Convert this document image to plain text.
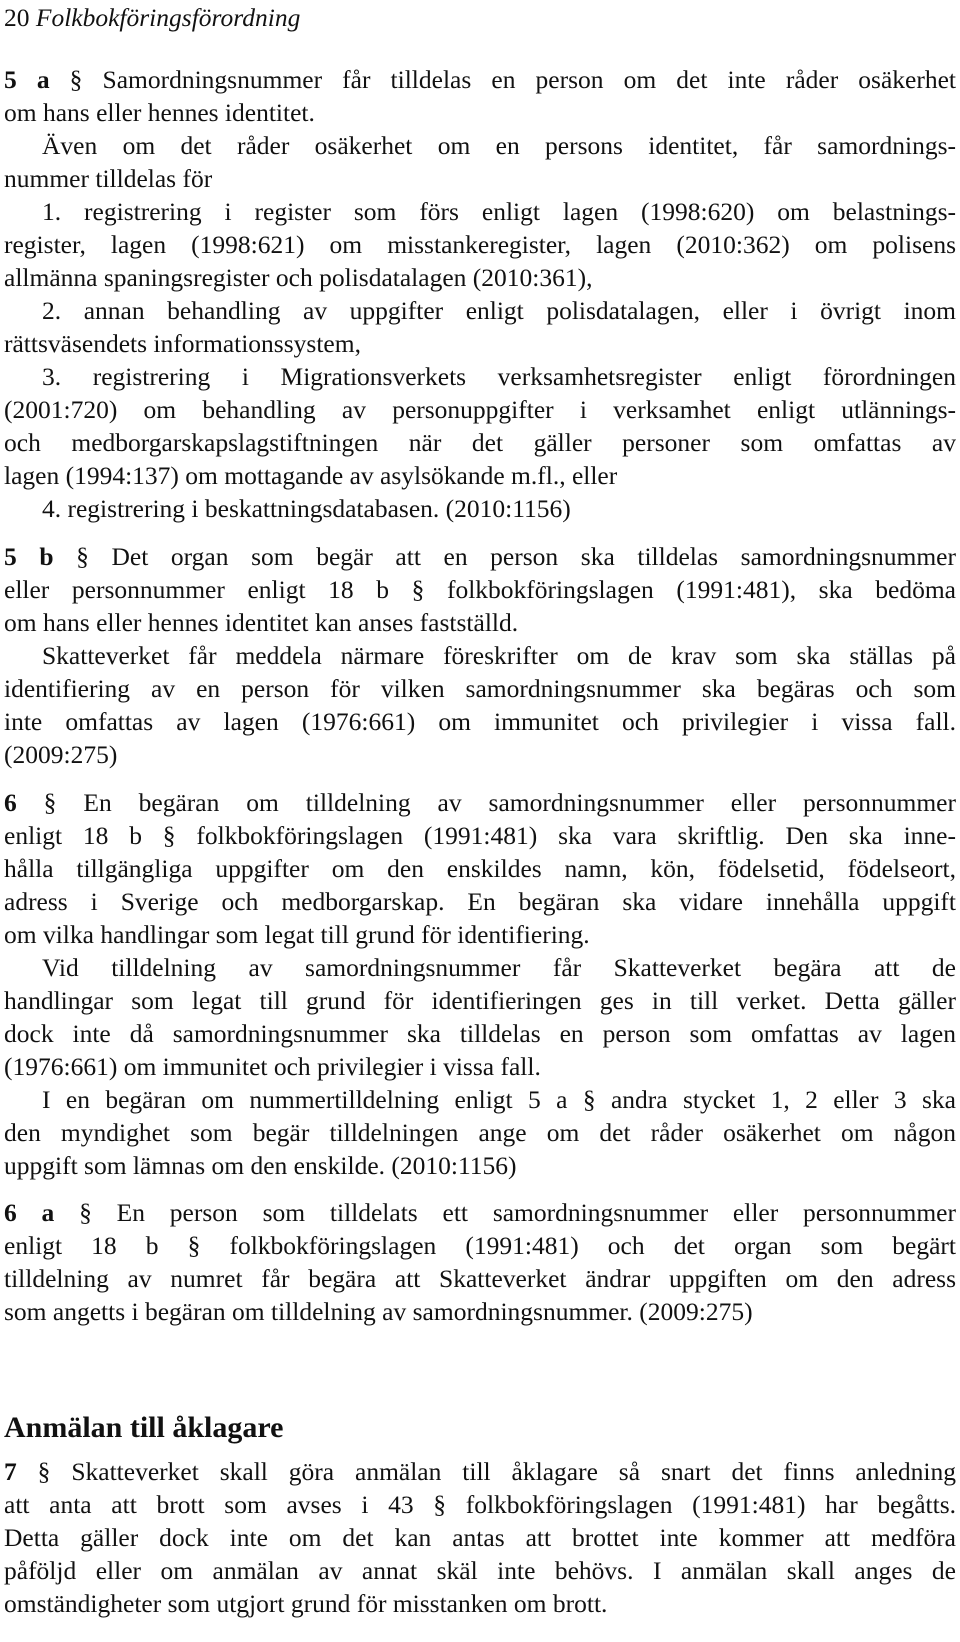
20 Folkbokföringsförordning
5 a § Samordningsnummer får tilldelas en person om det inte råder osäkerhet
om hans eller hennes identitet.
Även om det råder osäkerhet om en persons identitet, får samordnings-
nummer tilldelas för
1. registrering i register som förs enligt lagen (1998:620) om belastnings-
register, lagen (1998:621) om misstankeregister, lagen (2010:362) om polisens
allmänna spaningsregister och polisdatalagen (2010:361),
2. annan behandling av uppgifter enligt polisdatalagen, eller i övrigt inom
rättsväsendets informationssystem,
3. registrering i Migrationsverkets verksamhetsregister enligt förordningen
(2001:720) om behandling av personuppgifter i verksamhet enligt utlännings-
och medborgarskapslagstiftningen när det gäller personer som omfattas av
lagen (1994:137) om mottagande av asylsökande m.fl., eller
4. registrering i beskattningsdatabasen. (2010:1156)
5 b § Det organ som begär att en person ska tilldelas samordningsnummer
eller personnummer enligt 18 b § folkbokföringslagen (1991:481), ska bedöma
om hans eller hennes identitet kan anses fastställd.
Skatteverket får meddela närmare föreskrifter om de krav som ska ställas på
identifiering av en person för vilken samordningsnummer ska begäras och som
inte omfattas av lagen (1976:661) om immunitet och privilegier i vissa fall.
(2009:275)
6 § En begäran om tilldelning av samordningsnummer eller personnummer
enligt 18 b § folkbokföringslagen (1991:481) ska vara skriftlig. Den ska inne-
hålla tillgängliga uppgifter om den enskildes namn, kön, födelsetid, födelseort,
adress i Sverige och medborgarskap. En begäran ska vidare innehålla uppgift
om vilka handlingar som legat till grund för identifiering.
Vid tilldelning av samordningsnummer får Skatteverket begära att de
handlingar som legat till grund för identifieringen ges in till verket. Detta gäller
dock inte då samordningsnummer ska tilldelas en person som omfattas av lagen
(1976:661) om immunitet och privilegier i vissa fall.
I en begäran om nummertilldelning enligt 5 a § andra stycket 1, 2 eller 3 ska
den myndighet som begär tilldelningen ange om det råder osäkerhet om någon
uppgift som lämnas om den enskilde. (2010:1156)
6 a § En person som tilldelats ett samordningsnummer eller personnummer
enligt 18 b § folkbokföringslagen (1991:481) och det organ som begärt
tilldelning av numret får begära att Skatteverket ändrar uppgiften om den adress
som angetts i begäran om tilldelning av samordningsnummer. (2009:275)
Anmälan till åklagare
7 § Skatteverket skall göra anmälan till åklagare så snart det finns anledning
att anta att brott som avses i 43 § folkbokföringslagen (1991:481) har begåtts.
Detta gäller dock inte om det kan antas att brottet inte kommer att medföra
påföljd eller om anmälan av annat skäl inte behövs. I anmälan skall anges de
omständigheter som utgjort grund för misstanken om brott.
